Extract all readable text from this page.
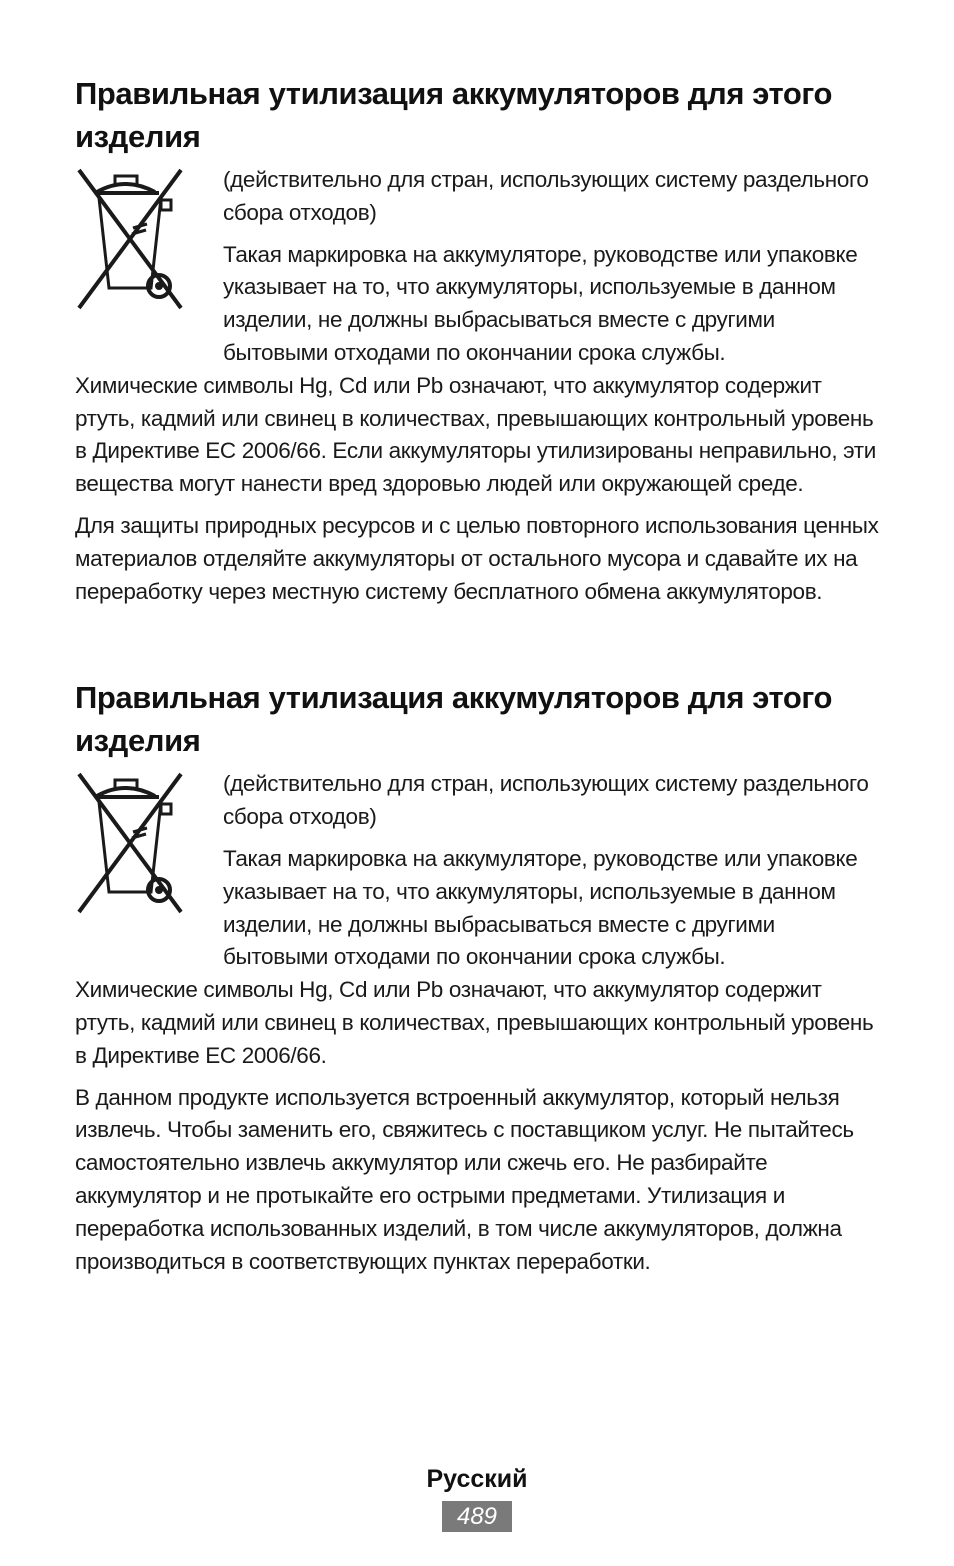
Правильная утилизация аккумуляторов для этого изделия

(действительно для стран, использующих систему раздельного сбора отходов)

Такая маркировка на аккумуляторе, руководстве или упаковке указывает на то, что аккумуляторы, используемые в данном изделии, не должны выбрасываться вместе с другими бытовыми отходами по окончании срока службы.

Химические символы Hg, Cd или Pb означают, что аккумулятор содержит ртуть, кадмий или свинец в количествах, превышающих контрольный уровень в Директиве ЕС 2006/66. Если аккумуляторы утилизированы неправильно, эти вещества могут нанести вред здоровью людей или окружающей среде.

Для защиты природных ресурсов и с целью повторного использования ценных материалов отделяйте аккумуляторы от остального мусора и сдавайте их на переработку через местную систему бесплатного обмена аккумуляторов.

Правильная утилизация аккумуляторов для этого изделия

(действительно для стран, использующих систему раздельного сбора отходов)

Такая маркировка на аккумуляторе, руководстве или упаковке указывает на то, что аккумуляторы, используемые в данном изделии, не должны выбрасываться вместе с другими бытовыми отходами по окончании срока службы.

Химические символы Hg, Cd или Pb означают, что аккумулятор содержит ртуть, кадмий или свинец в количествах, превышающих контрольный уровень в Директиве ЕС 2006/66.

В данном продукте используется встроенный аккумулятор, который нельзя извлечь. Чтобы заменить его, свяжитесь с поставщиком услуг. Не пытайтесь самостоятельно извлечь аккумулятор или сжечь его. Не разбирайте аккумулятор и не протыкайте его острыми предметами. Утилизация и переработка использованных изделий, в том числе аккумуляторов, должна производиться в соответствующих пунктах переработки.

Русский
489
